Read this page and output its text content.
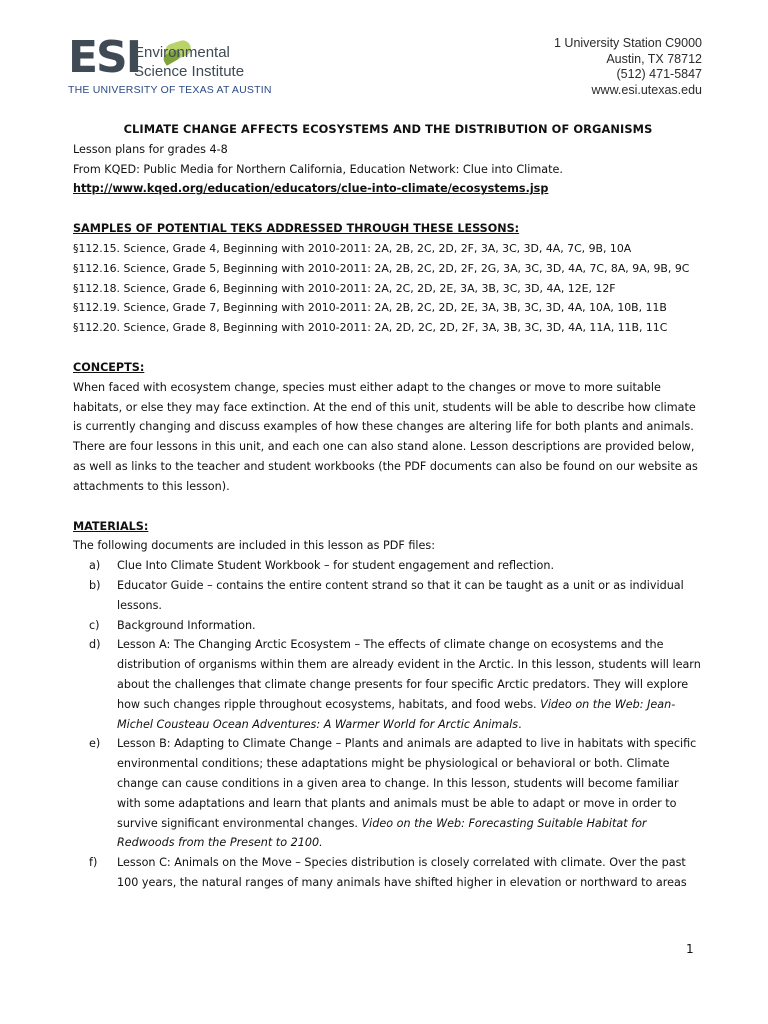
ESI
Environmental
Science Institute
THE UNIVERSITY OF TEXAS AT AUSTIN
1 University Station C9000
Austin, TX 78712
(512) 471-5847
www.esi.utexas.edu

CLIMATE CHANGE AFFECTS ECOSYSTEMS AND THE DISTRIBUTION OF ORGANISMS

Lesson plans for grades 4-8

From KQED: Public Media for Northern California, Education Network: Clue into Climate.

http://www.kqed.org/education/educators/clue-into-climate/ecosystems.jsp

SAMPLES OF POTENTIAL TEKS ADDRESSED THROUGH THESE LESSONS:

§112.15. Science, Grade 4, Beginning with 2010-2011: 2A, 2B, 2C, 2D, 2F, 3A, 3C, 3D, 4A, 7C, 9B, 10A

§112.16. Science, Grade 5, Beginning with 2010-2011: 2A, 2B, 2C, 2D, 2F, 2G, 3A, 3C, 3D, 4A, 7C, 8A, 9A, 9B, 9C

§112.18. Science, Grade 6, Beginning with 2010-2011: 2A, 2C, 2D, 2E, 3A, 3B, 3C, 3D, 4A, 12E, 12F

§112.19. Science, Grade 7, Beginning with 2010-2011: 2A, 2B, 2C, 2D, 2E, 3A, 3B, 3C, 3D, 4A, 10A, 10B, 11B

§112.20. Science, Grade 8, Beginning with 2010-2011: 2A, 2D, 2C, 2D, 2F, 3A, 3B, 3C, 3D, 4A, 11A, 11B, 11C

CONCEPTS:

When faced with ecosystem change, species must either adapt to the changes or move to more suitable habitats, or else they may face extinction. At the end of this unit, students will be able to describe how climate is currently changing and discuss examples of how these changes are altering life for both plants and animals. There are four lessons in this unit, and each one can also stand alone. Lesson descriptions are provided below, as well as links to the teacher and student workbooks (the PDF documents can also be found on our website as attachments to this lesson).

MATERIALS:

The following documents are included in this lesson as PDF files:

a) Clue Into Climate Student Workbook – for student engagement and reflection.
b) Educator Guide – contains the entire content strand so that it can be taught as a unit or as individual lessons.
c) Background Information.
d) Lesson A: The Changing Arctic Ecosystem – The effects of climate change on ecosystems and the distribution of organisms within them are already evident in the Arctic. In this lesson, students will learn about the challenges that climate change presents for four specific Arctic predators. They will explore how such changes ripple throughout ecosystems, habitats, and food webs. Video on the Web: Jean-Michel Cousteau Ocean Adventures: A Warmer World for Arctic Animals.
e) Lesson B: Adapting to Climate Change – Plants and animals are adapted to live in habitats with specific environmental conditions; these adaptations might be physiological or behavioral or both. Climate change can cause conditions in a given area to change. In this lesson, students will become familiar with some adaptations and learn that plants and animals must be able to adapt or move in order to survive significant environmental changes. Video on the Web: Forecasting Suitable Habitat for Redwoods from the Present to 2100.
f) Lesson C: Animals on the Move – Species distribution is closely correlated with climate. Over the past 100 years, the natural ranges of many animals have shifted higher in elevation or northward to areas
1
